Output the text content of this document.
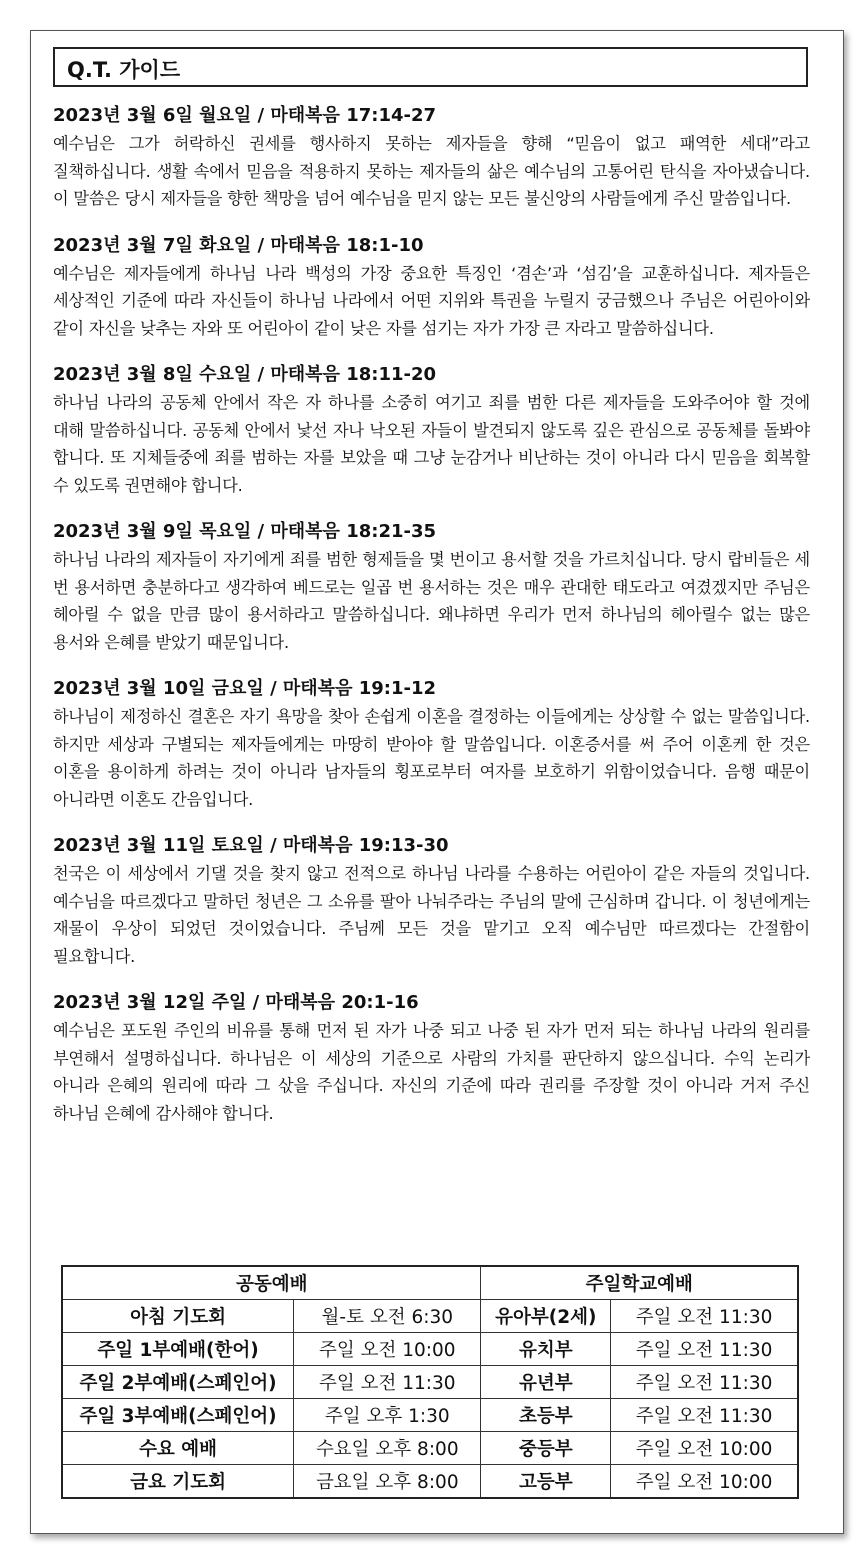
Q.T. 가이드
2023년 3월 6일 월요일 / 마태복음 17:14-27
예수님은 그가 허락하신 권세를 행사하지 못하는 제자들을 향해 “믿음이 없고 패역한 세대”라고 질책하십니다. 생활 속에서 믿음을 적용하지 못하는 제자들의 삶은 예수님의 고통어린 탄식을 자아냈습니다. 이 말씀은 당시 제자들을 향한 책망을 넘어 예수님을 믿지 않는 모든 불신앙의 사람들에게 주신 말씀입니다.
2023년 3월 7일 화요일 / 마태복음 18:1-10
예수님은 제자들에게 하나님 나라 백성의 가장 중요한 특징인 ‘겸손’과 ‘섬김’을 교훈하십니다. 제자들은 세상적인 기준에 따라 자신들이 하나님 나라에서 어떤 지위와 특권을 누릴지 궁금했으나 주님은 어린아이와 같이 자신을 낮추는 자와 또 어린아이 같이 낮은 자를 섬기는 자가 가장 큰 자라고 말씀하십니다.
2023년 3월 8일 수요일 / 마태복음 18:11-20
하나님 나라의 공동체 안에서 작은 자 하나를 소중히 여기고 죄를 범한 다른 제자들을 도와주어야 할 것에 대해 말씀하십니다. 공동체 안에서 낯선 자나 낙오된 자들이 발견되지 않도록 깊은 관심으로 공동체를 돌봐야 합니다. 또 지체들중에 죄를 범하는 자를 보았을 때 그냥 눈감거나 비난하는 것이 아니라 다시 믿음을 회복할 수 있도록 권면해야 합니다.
2023년 3월 9일 목요일 / 마태복음 18:21-35
하나님 나라의 제자들이 자기에게 죄를 범한 형제들을 몇 번이고 용서할 것을 가르치십니다. 당시 랍비들은 세 번 용서하면 충분하다고 생각하여 베드로는 일곱 번 용서하는 것은 매우 관대한 태도라고 여겼겠지만 주님은 헤아릴 수 없을 만큼 많이 용서하라고 말씀하십니다. 왜냐하면 우리가 먼저 하나님의 헤아릴수 없는 많은 용서와 은혜를 받았기 때문입니다.
2023년 3월 10일 금요일 / 마태복음 19:1-12
하나님이 제정하신 결혼은 자기 욕망을 찾아 손쉽게 이혼을 결정하는 이들에게는 상상할 수 없는 말씀입니다. 하지만 세상과 구별되는 제자들에게는 마땅히 받아야 할 말씀입니다. 이혼증서를 써 주어 이혼케 한 것은 이혼을 용이하게 하려는 것이 아니라 남자들의 횡포로부터 여자를 보호하기 위함이었습니다. 음행 때문이 아니라면 이혼도 간음입니다.
2023년 3월 11일 토요일 / 마태복음 19:13-30
천국은 이 세상에서 기댈 것을 찾지 않고 전적으로 하나님 나라를 수용하는 어린아이 같은 자들의 것입니다. 예수님을 따르겠다고 말하던 청년은 그 소유를 팔아 나눠주라는 주님의 말에 근심하며 갑니다. 이 청년에게는 재물이 우상이 되었던 것이었습니다. 주님께 모든 것을 맡기고 오직 예수님만 따르겠다는 간절함이 필요합니다.
2023년 3월 12일 주일 / 마태복음 20:1-16
예수님은 포도원 주인의 비유를 통해 먼저 된 자가 나중 되고 나중 된 자가 먼저 되는 하나님 나라의 원리를 부연해서 설명하십니다. 하나님은 이 세상의 기준으로 사람의 가치를 판단하지 않으십니다. 수익 논리가 아니라 은혜의 원리에 따라 그 삯을 주십니다. 자신의 기준에 따라 권리를 주장할 것이 아니라 거저 주신 하나님 은혜에 감사해야 합니다.
공동예배		주일학교예배	
아침 기도회	월-토 오전 6:30	유아부(2세)	주일 오전 11:30
주일 1부예배(한어)	주일 오전 10:00	유치부	주일 오전 11:30
주일 2부예배(스페인어)	주일 오전 11:30	유년부	주일 오전 11:30
주일 3부예배(스페인어)	주일 오후 1:30	초등부	주일 오전 11:30
수요 예배	수요일 오후 8:00	중등부	주일 오전 10:00
금요 기도회	금요일 오후 8:00	고등부	주일 오전 10:00
